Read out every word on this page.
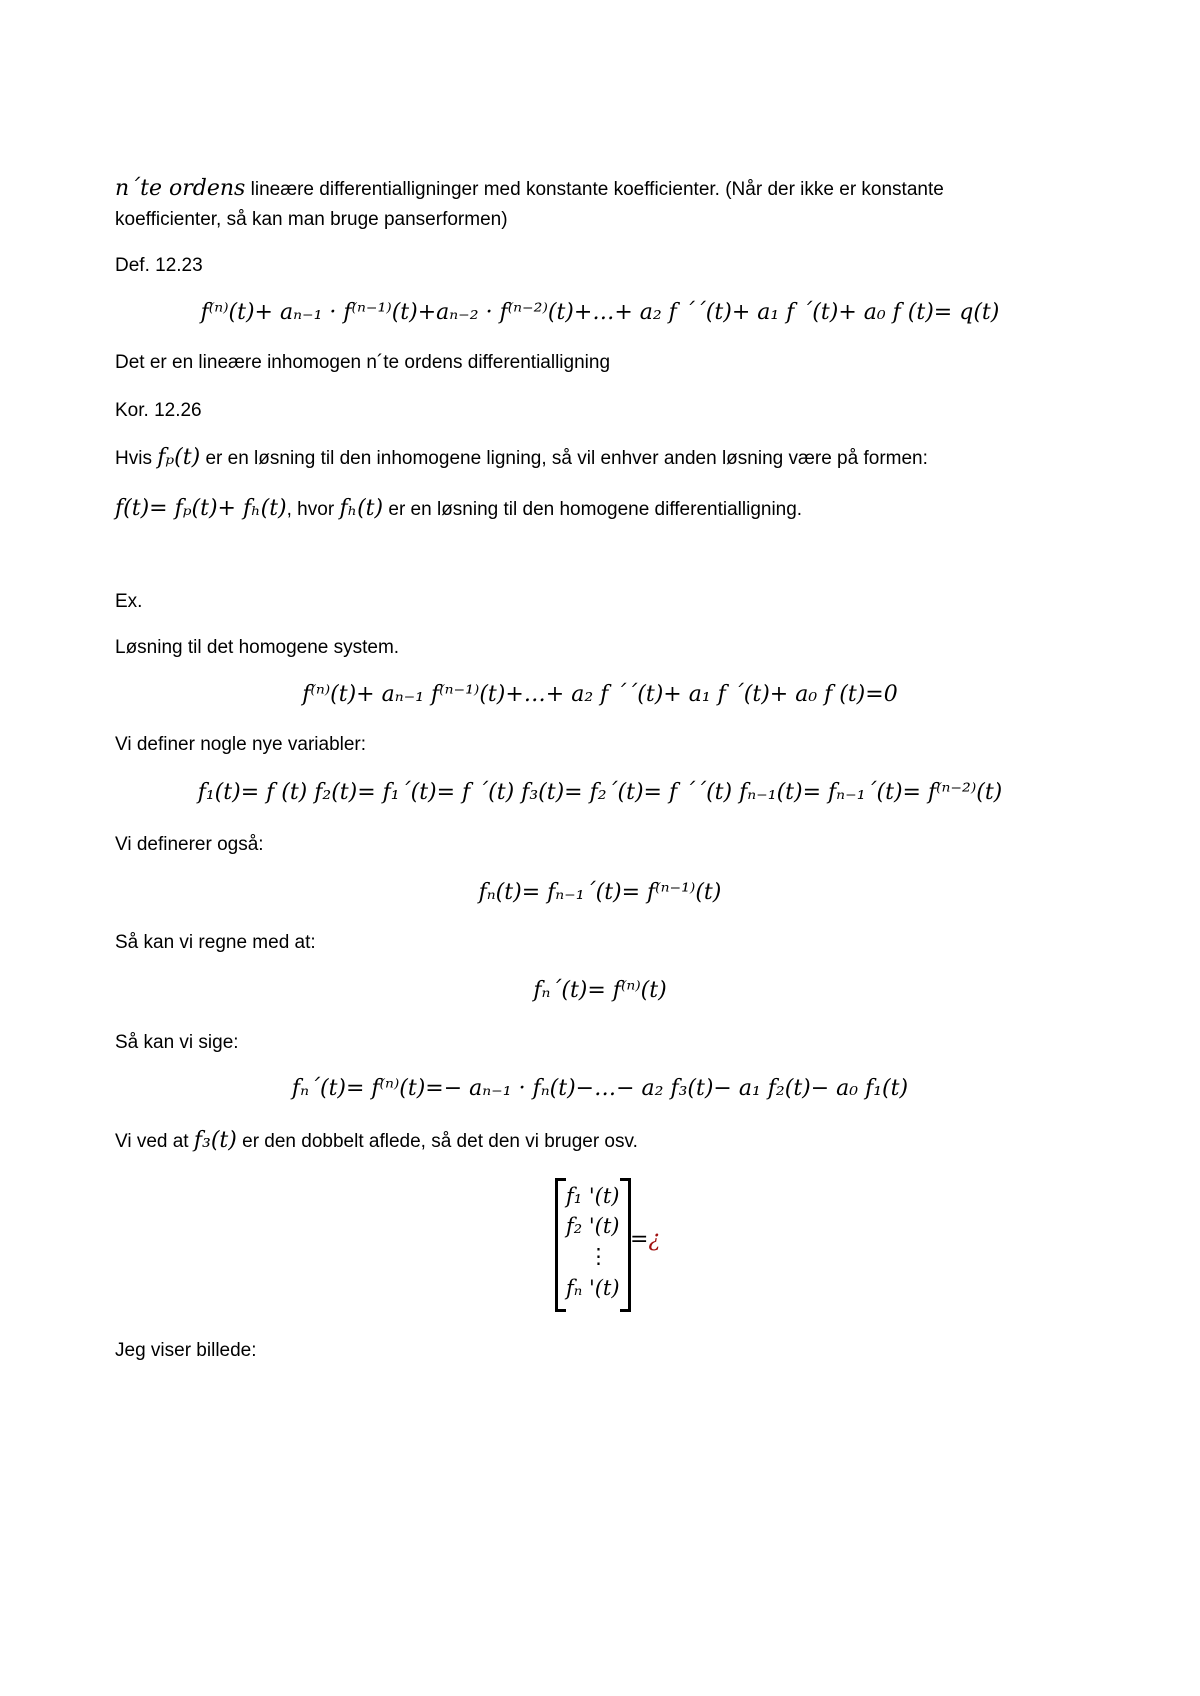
n´te ordens lineære differentialligninger med konstante koefficienter. (Når der ikke er konstante
koefficienter, så kan man bruge panserformen)
Def. 12.23
f⁽ⁿ⁾(t)+ aₙ₋₁ · f⁽ⁿ⁻¹⁾(t)+aₙ₋₂ · f⁽ⁿ⁻²⁾(t)+…+ a₂ f ´´(t)+ a₁ f ´(t)+ a₀ f (t)= q(t)
Det er en lineære inhomogen n´te ordens differentialligning
Kor. 12.26
Hvis fₚ(t) er en løsning til den inhomogene ligning, så vil enhver anden løsning være på formen:
f(t)= fₚ(t)+ fₕ(t), hvor fₕ(t) er en løsning til den homogene differentialligning.
Ex.
Løsning til det homogene system.
f⁽ⁿ⁾(t)+ aₙ₋₁ f⁽ⁿ⁻¹⁾(t)+…+ a₂ f ´´(t)+ a₁ f ´(t)+ a₀ f (t)=0
Vi definer nogle nye variabler:
f₁(t)= f (t) f₂(t)= f₁´(t)= f ´(t) f₃(t)= f₂´(t)= f ´´(t) fₙ₋₁(t)= fₙ₋₁´(t)= f⁽ⁿ⁻²⁾(t)
Vi definerer også:
fₙ(t)= fₙ₋₁´(t)= f⁽ⁿ⁻¹⁾(t)
Så kan vi regne med at:
fₙ´(t)= f⁽ⁿ⁾(t)
Så kan vi sige:
fₙ´(t)= f⁽ⁿ⁾(t)=− aₙ₋₁ · fₙ(t)−…− a₂ f₃(t)− a₁ f₂(t)− a₀ f₁(t)
Vi ved at f₃(t) er den dobbelt aflede, så det den vi bruger osv.
f₁ '(t)
f₂ '(t)
⋮
fₙ '(t)
=¿
Jeg viser billede:
